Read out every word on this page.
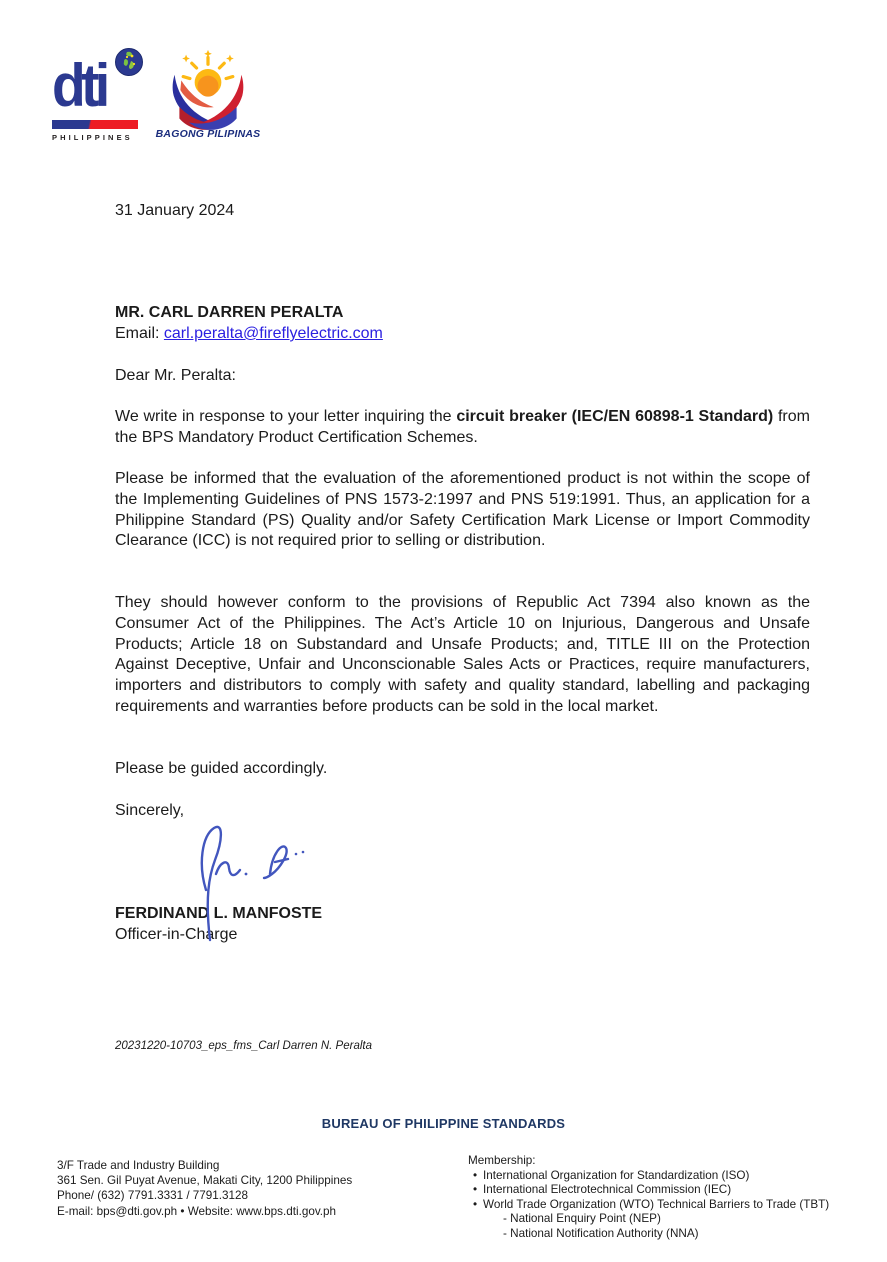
dti
PHILIPPINES	BAGONG PILIPINAS
31 January 2024
MR. CARL DARREN PERALTA
Email: carl.peralta@fireflyelectric.com
Dear Mr. Peralta:

We write in response to your letter inquiring the circuit breaker (IEC/EN 60898-1 Standard) from the BPS Mandatory Product Certification Schemes.

Please be informed that the evaluation of the aforementioned product is not within the scope of the Implementing Guidelines of PNS 1573-2:1997 and PNS 519:1991. Thus, an application for a Philippine Standard (PS) Quality and/or Safety Certification Mark License or Import Commodity Clearance (ICC) is not required prior to selling or distribution.

They should however conform to the provisions of Republic Act 7394 also known as the Consumer Act of the Philippines. The Act’s Article 10 on Injurious, Dangerous and Unsafe Products; Article 18 on Substandard and Unsafe Products; and, TITLE III on the Protection Against Deceptive, Unfair and Unconscionable Sales Acts or Practices, require manufacturers, importers and distributors to comply with safety and quality standard, labelling and packaging requirements and warranties before products can be sold in the local market.

Please be guided accordingly.
Sincerely,
FERDINAND L. MANFOSTE
Officer-in-Charge
20231220-10703_eps_fms_Carl Darren N. Peralta
BUREAU OF PHILIPPINE STANDARDS
3/F Trade and Industry Building
361 Sen. Gil Puyat Avenue, Makati City, 1200 Philippines
Phone/ (632) 7791.3331 / 7791.3128
E-mail: bps@dti.gov.ph • Website: www.bps.dti.gov.ph
Membership:
• International Organization for Standardization (ISO)
• International Electrotechnical Commission (IEC)
• World Trade Organization (WTO) Technical Barriers to Trade (TBT)
- National Enquiry Point (NEP)
- National Notification Authority (NNA)
